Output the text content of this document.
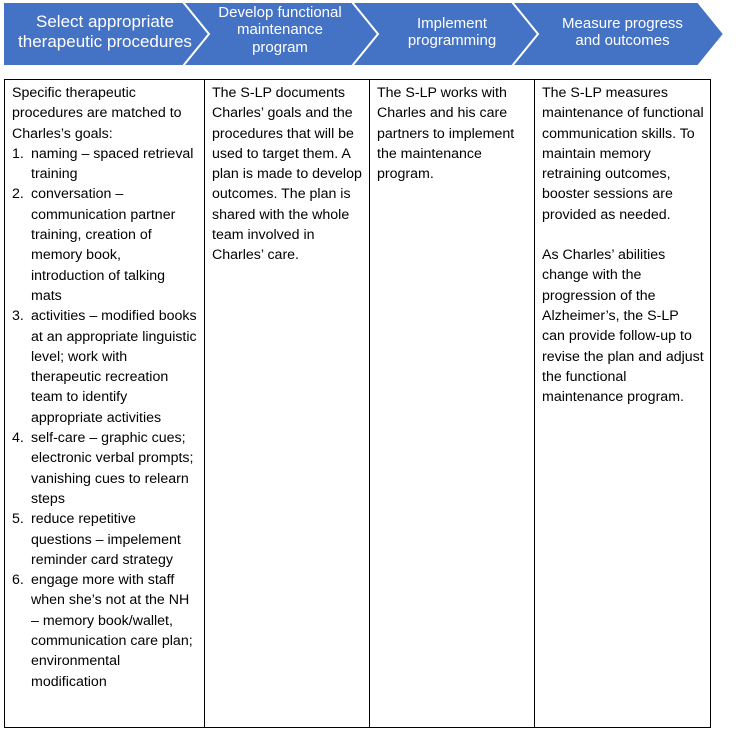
Select appropriate
therapeutic procedures
Develop functional
maintenance
program
Implement
programming
Measure progress
and outcomes

Specific therapeutic procedures are matched to Charles’s goals:

1. naming – spaced retrieval training
2. conversation – communication partner training, creation of memory book, introduction of talking mats
3. activities – modified books at an appropriate linguistic level; work with therapeutic recreation team to identify appropriate activities
4. self-care – graphic cues; electronic verbal prompts; vanishing cues to relearn steps
5. reduce repetitive questions – impelement reminder card strategy
6. engage more with staff when she’s not at the NH – memory book/wallet, communication care plan; environmental modification

The S-LP documents Charles’ goals and the procedures that will be used to target them. A plan is made to develop outcomes. The plan is shared with the whole team involved in Charles’ care.

The S-LP works with Charles and his care partners to implement the maintenance program.

The S-LP measures maintenance of functional communication skills. To maintain memory retraining outcomes, booster sessions are provided as needed.

As Charles’ abilities change with the progression of the Alzheimer’s, the S-LP can provide follow-up to revise the plan and adjust the functional maintenance program.
